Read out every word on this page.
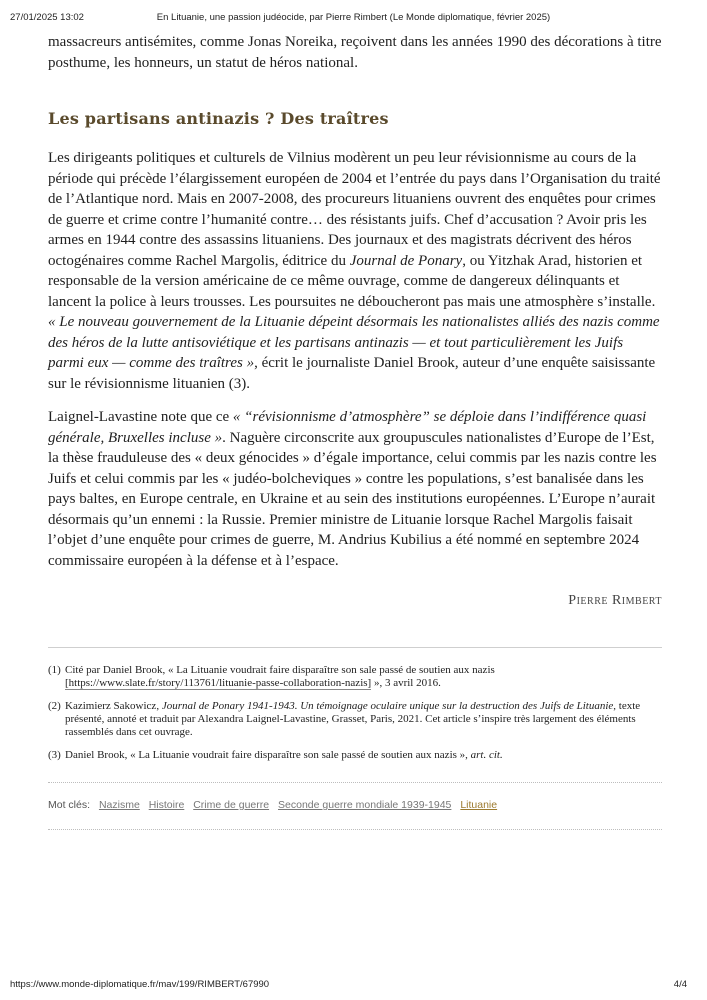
27/01/2025 13:02	En Lituanie, une passion judéocide, par Pierre Rimbert (Le Monde diplomatique, février 2025)

massacreurs antisémites, comme Jonas Noreika, reçoivent dans les années 1990 des décorations à titre posthume, les honneurs, un statut de héros national.

Les partisans antinazis ? Des traîtres

Les dirigeants politiques et culturels de Vilnius modèrent un peu leur révisionnisme au cours de la période qui précède l’élargissement européen de 2004 et l’entrée du pays dans l’Organisation du traité de l’Atlantique nord. Mais en 2007-2008, des procureurs lituaniens ouvrent des enquêtes pour crimes de guerre et crime contre l’humanité contre… des résistants juifs. Chef d’accusation ? Avoir pris les armes en 1944 contre des assassins lituaniens. Des journaux et des magistrats décrivent des héros octogénaires comme Rachel Margolis, éditrice du Journal de Ponary, ou Yitzhak Arad, historien et responsable de la version américaine de ce même ouvrage, comme de dangereux délinquants et lancent la police à leurs trousses. Les poursuites ne déboucheront pas mais une atmosphère s’installe. « Le nouveau gouvernement de la Lituanie dépeint désormais les nationalistes alliés des nazis comme des héros de la lutte antisoviétique et les partisans antinazis — et tout particulièrement les Juifs parmi eux — comme des traîtres », écrit le journaliste Daniel Brook, auteur d’une enquête saisissante sur le révisionnisme lituanien (3).

Laignel-Lavastine note que ce « “révisionnisme d’atmosphère” se déploie dans l’indifférence quasi générale, Bruxelles incluse ». Naguère circonscrite aux groupuscules nationalistes d’Europe de l’Est, la thèse frauduleuse des « deux génocides » d’égale importance, celui commis par les nazis contre les Juifs et celui commis par les « judéo-bolcheviques » contre les populations, s’est banalisée dans les pays baltes, en Europe centrale, en Ukraine et au sein des institutions européennes. L’Europe n’aurait désormais qu’un ennemi : la Russie. Premier ministre de Lituanie lorsque Rachel Margolis faisait l’objet d’une enquête pour crimes de guerre, M. Andrius Kubilius a été nommé en septembre 2024 commissaire européen à la défense et à l’espace.

Pierre Rimbert
(1) Cité par Daniel Brook, « La Lituanie voudrait faire disparaître son sale passé de soutien aux nazis [https://www.slate.fr/story/113761/lituanie-passe-collaboration-nazis] », 3 avril 2016.
(2) Kazimierz Sakowicz, Journal de Ponary 1941-1943. Un témoignage oculaire unique sur la destruction des Juifs de Lituanie, texte présenté, annoté et traduit par Alexandra Laignel-Lavastine, Grasset, Paris, 2021. Cet article s’inspire très largement des éléments rassemblés dans cet ouvrage.
(3) Daniel Brook, « La Lituanie voudrait faire disparaître son sale passé de soutien aux nazis », art. cit.
Mot clés: Nazisme Histoire Crime de guerre Seconde guerre mondiale 1939-1945 Lituanie
https://www.monde-diplomatique.fr/mav/199/RIMBERT/67990	4/4
